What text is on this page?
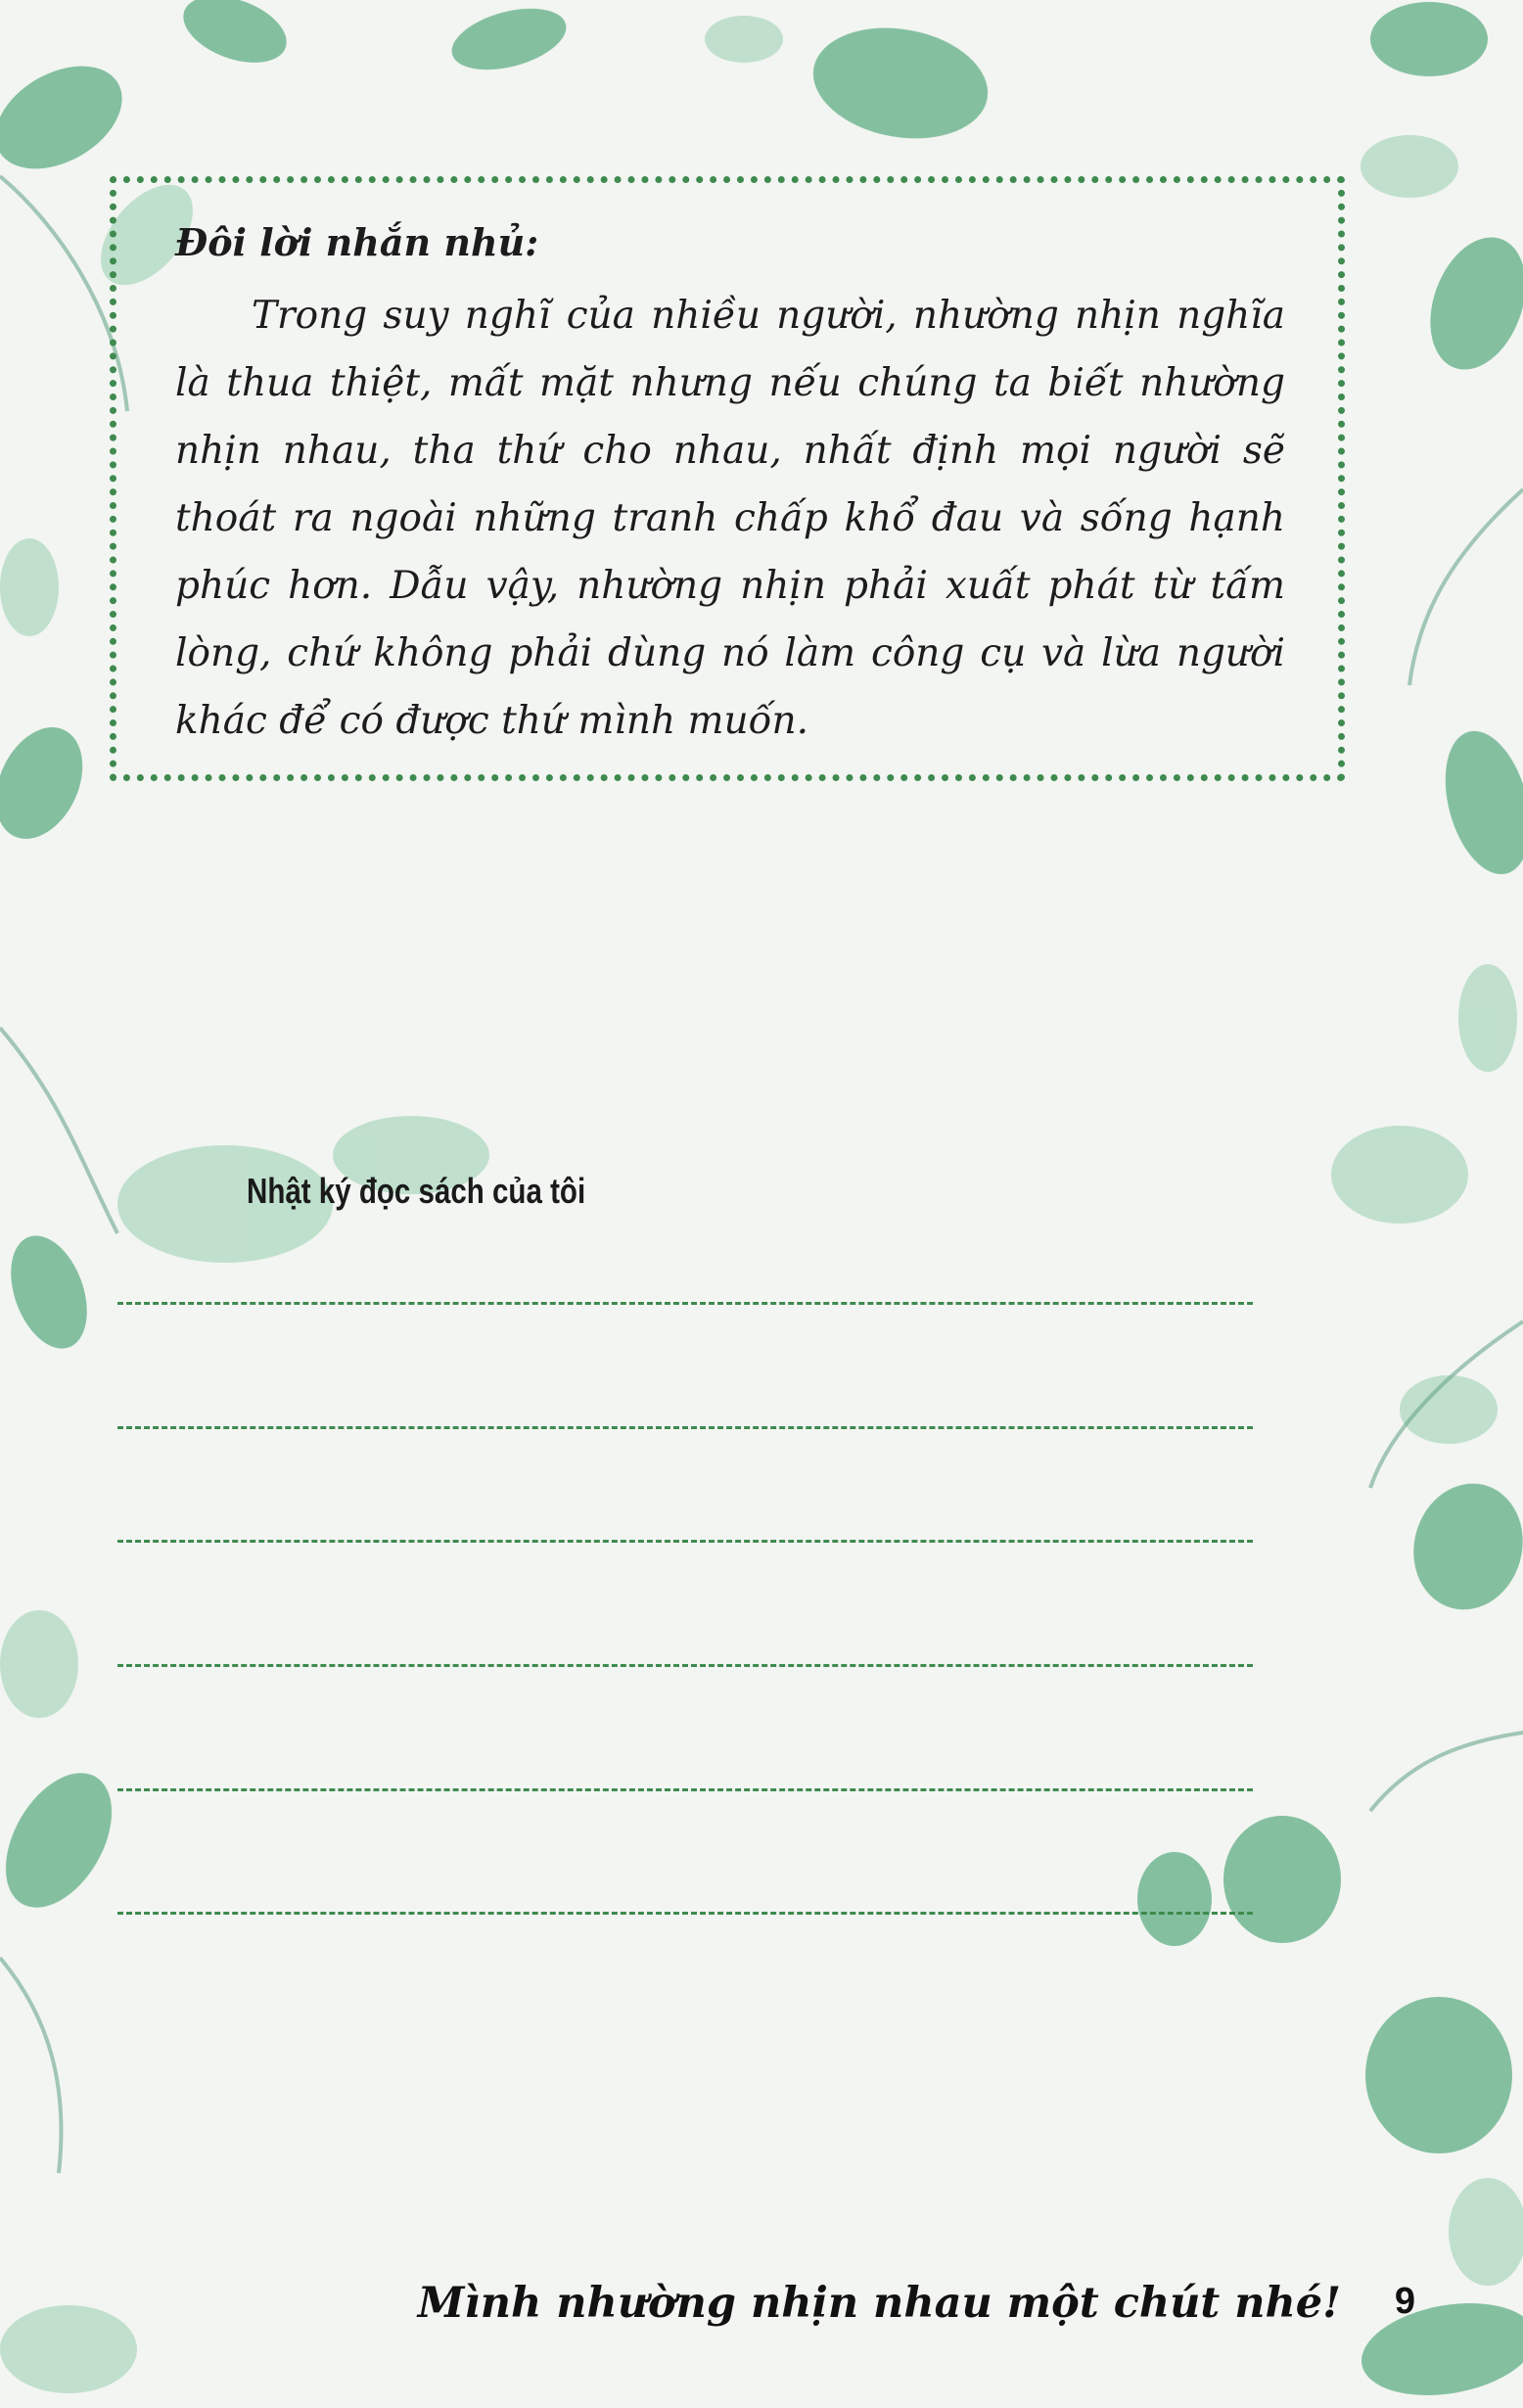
Đôi lời nhắn nhủ:

Trong suy nghĩ của nhiều người, nhường nhịn nghĩa là thua thiệt, mất mặt nhưng nếu chúng ta biết nhường nhịn nhau, tha thứ cho nhau, nhất định mọi người sẽ thoát ra ngoài những tranh chấp khổ đau và sống hạnh phúc hơn. Dẫu vậy, nhường nhịn phải xuất phát từ tấm lòng, chứ không phải dùng nó làm công cụ và lừa người khác để có được thứ mình muốn.

Nhật ký đọc sách của tôi
Mình nhường nhịn nhau một chút nhé! 9
